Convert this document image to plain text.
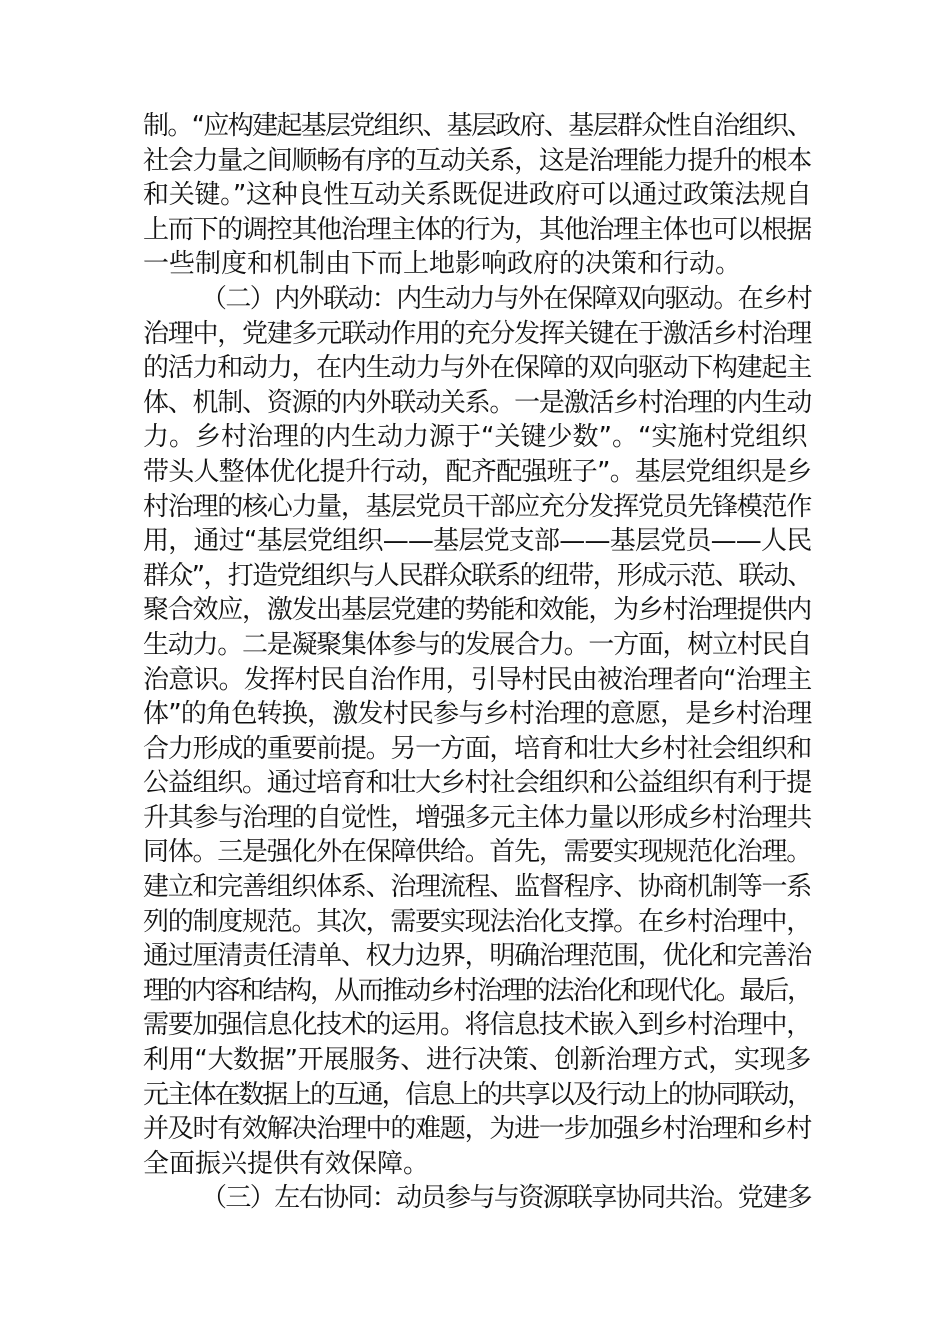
制。“应构建起基层党组织、基层政府、基层群众性自治组织、
社会力量之间顺畅有序的互动关系，这是治理能力提升的根本
和关键。”这种良性互动关系既促进政府可以通过政策法规自
上而下的调控其他治理主体的行为，其他治理主体也可以根据
一些制度和机制由下而上地影响政府的决策和行动。
（二）内外联动：内生动力与外在保障双向驱动。在乡村
治理中，党建多元联动作用的充分发挥关键在于激活乡村治理
的活力和动力，在内生动力与外在保障的双向驱动下构建起主
体、机制、资源的内外联动关系。一是激活乡村治理的内生动
力。乡村治理的内生动力源于“关键少数”。“实施村党组织
带头人整体优化提升行动，配齐配强班子”。基层党组织是乡
村治理的核心力量，基层党员干部应充分发挥党员先锋模范作
用，通过“基层党组织——基层党支部——基层党员——人民
群众”，打造党组织与人民群众联系的纽带，形成示范、联动、
聚合效应，激发出基层党建的势能和效能，为乡村治理提供内
生动力。二是凝聚集体参与的发展合力。一方面，树立村民自
治意识。发挥村民自治作用，引导村民由被治理者向“治理主
体”的角色转换，激发村民参与乡村治理的意愿，是乡村治理
合力形成的重要前提。另一方面，培育和壮大乡村社会组织和
公益组织。通过培育和壮大乡村社会组织和公益组织有利于提
升其参与治理的自觉性，增强多元主体力量以形成乡村治理共
同体。三是强化外在保障供给。首先，需要实现规范化治理。
建立和完善组织体系、治理流程、监督程序、协商机制等一系
列的制度规范。其次，需要实现法治化支撑。在乡村治理中，
通过厘清责任清单、权力边界，明确治理范围，优化和完善治
理的内容和结构，从而推动乡村治理的法治化和现代化。最后，
需要加强信息化技术的运用。将信息技术嵌入到乡村治理中，
利用“大数据”开展服务、进行决策、创新治理方式，实现多
元主体在数据上的互通，信息上的共享以及行动上的协同联动，
并及时有效解决治理中的难题，为进一步加强乡村治理和乡村
全面振兴提供有效保障。
（三）左右协同：动员参与与资源联享协同共治。党建多
